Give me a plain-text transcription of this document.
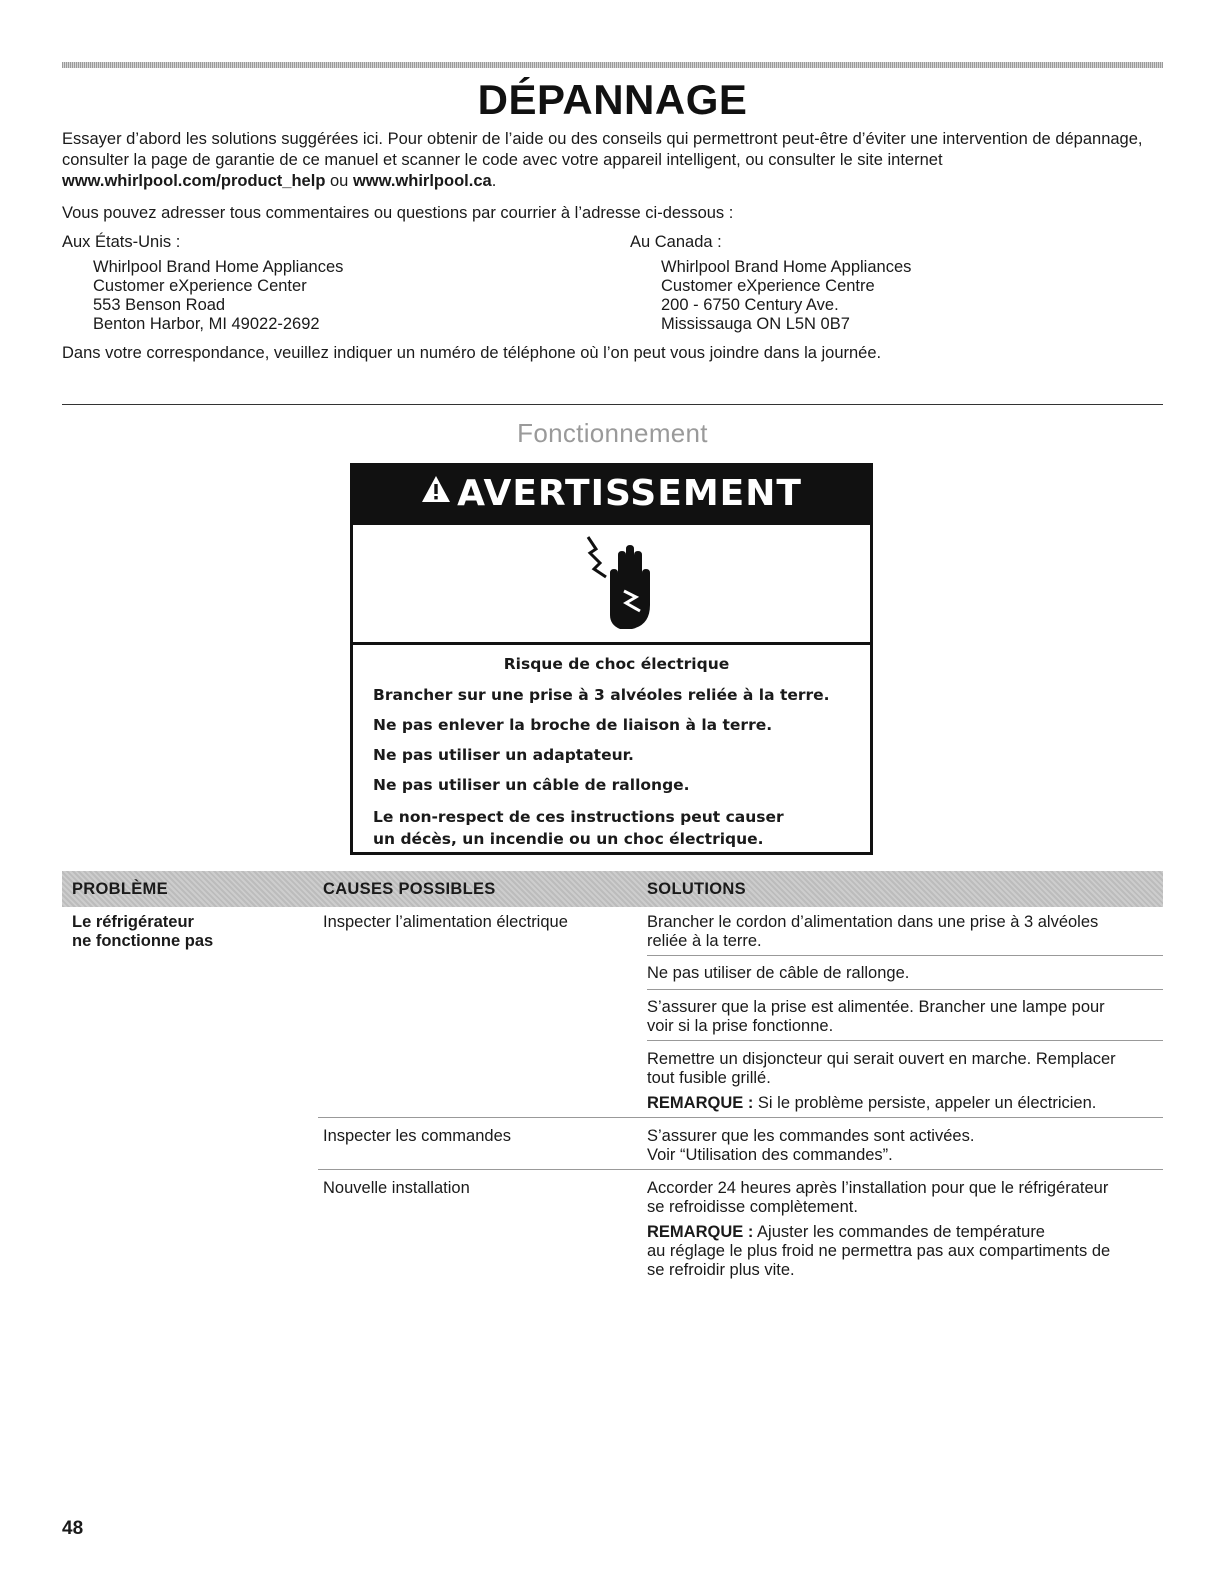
DÉPANNAGE
Essayer d’abord les solutions suggérées ici. Pour obtenir de l’aide ou des conseils qui permettront peut-être d’éviter une intervention de dépannage, consulter la page de garantie de ce manuel et scanner le code avec votre appareil intelligent, ou consulter le site internet www.whirlpool.com/product_help ou www.whirlpool.ca.
Vous pouvez adresser tous commentaires ou questions par courrier à l’adresse ci-dessous :
Aux États-Unis :
Whirlpool Brand Home Appliances
Customer eXperience Center
553 Benson Road
Benton Harbor, MI 49022-2692
Au Canada :
Whirlpool Brand Home Appliances
Customer eXperience Centre
200 - 6750 Century Ave.
Mississauga ON L5N 0B7
Dans votre correspondance, veuillez indiquer un numéro de téléphone où l’on peut vous joindre dans la journée.
Fonctionnement
AVERTISSEMENT
Risque de choc électrique
Brancher sur une prise à 3 alvéoles reliée à la terre.
Ne pas enlever la broche de liaison à la terre.
Ne pas utiliser un adaptateur.
Ne pas utiliser un câble de rallonge.
Le non-respect de ces instructions peut causer
un décès, un incendie ou un choc électrique.
PROBLÈME	CAUSES POSSIBLES	SOLUTIONS
Le réfrigérateur
ne fonctionne pas
Inspecter l’alimentation électrique
Inspecter les commandes
Nouvelle installation
Brancher le cordon d’alimentation dans une prise à 3 alvéoles
reliée à la terre.
Ne pas utiliser de câble de rallonge.
S’assurer que la prise est alimentée. Brancher une lampe pour
voir si la prise fonctionne.
Remettre un disjoncteur qui serait ouvert en marche. Remplacer
tout fusible grillé.
REMARQUE : Si le problème persiste, appeler un électricien.
S’assurer que les commandes sont activées.
Voir “Utilisation des commandes”.
Accorder 24 heures après l’installation pour que le réfrigérateur
se refroidisse complètement.
REMARQUE : Ajuster les commandes de température
au réglage le plus froid ne permettra pas aux compartiments de
se refroidir plus vite.
48
